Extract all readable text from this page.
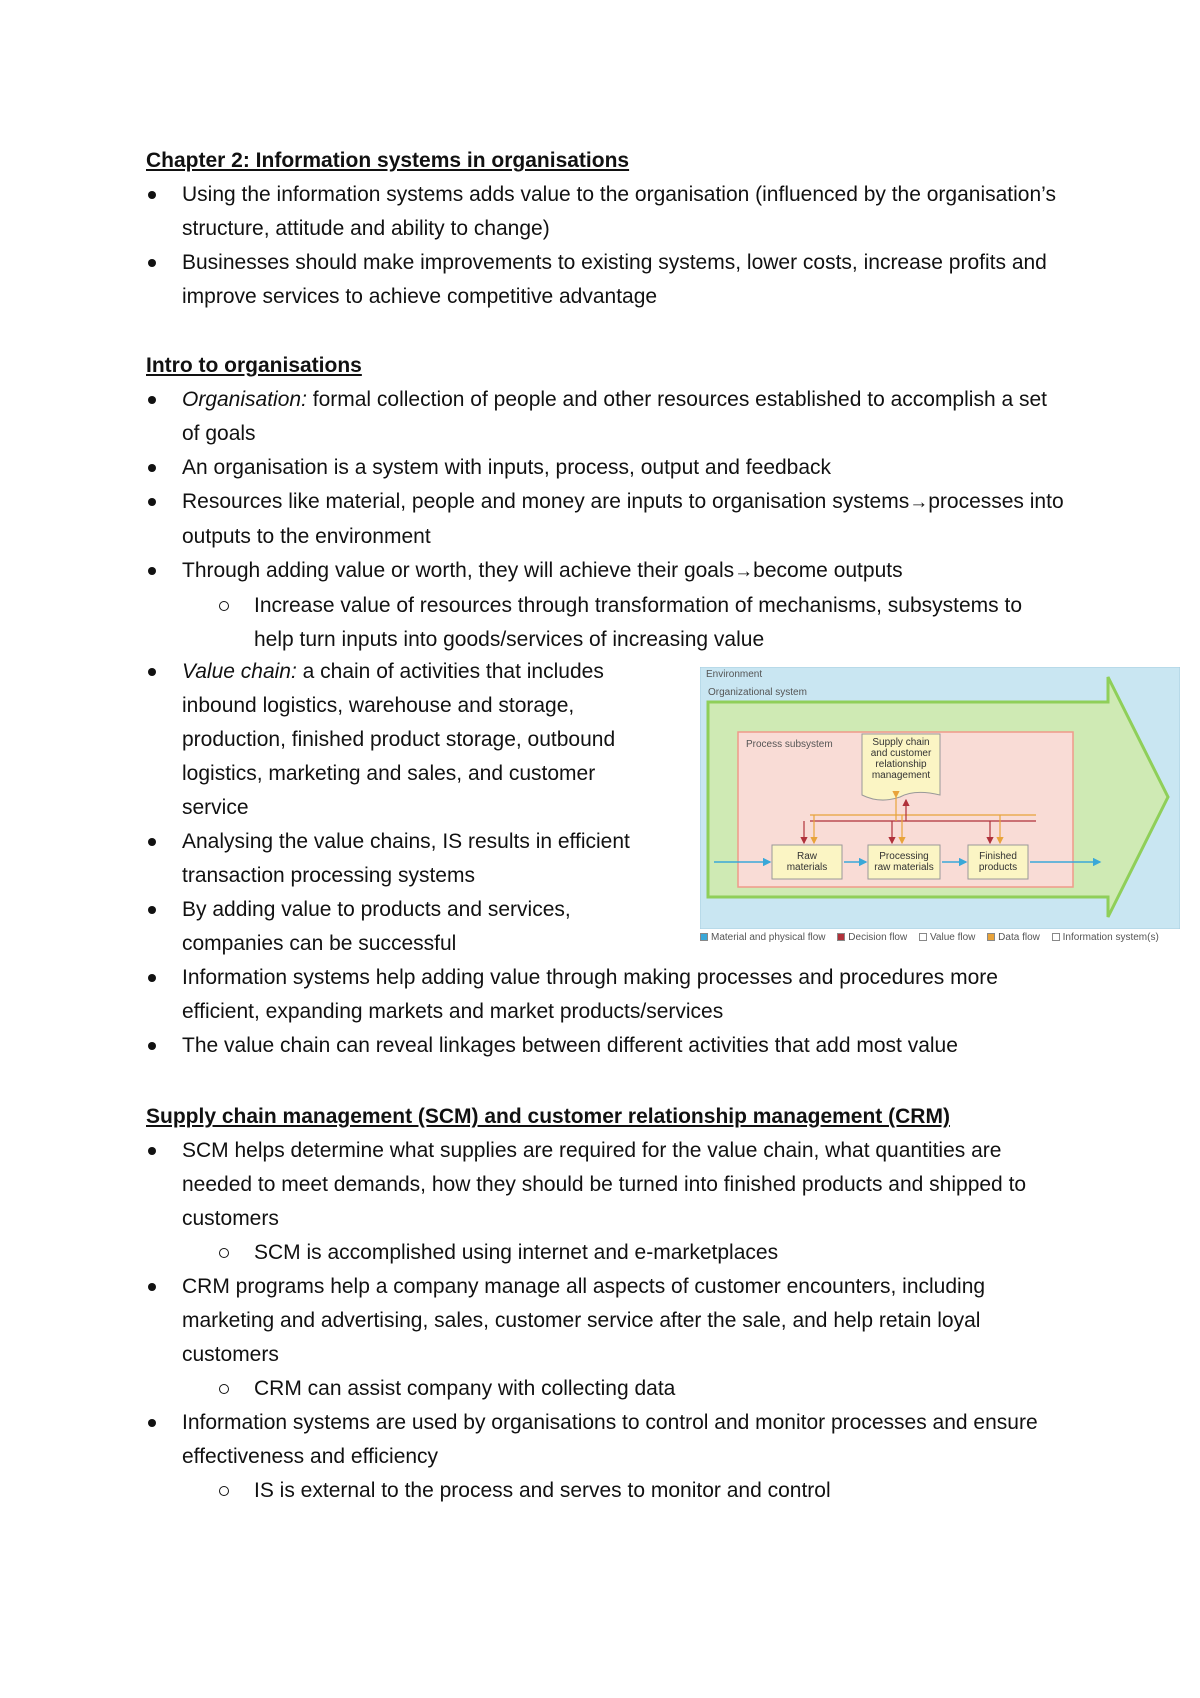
Chapter 2: Information systems in organisations
Using the information systems adds value to the organisation (influenced by the organisation’s structure, attitude and ability to change)
Businesses should make improvements to existing systems, lower costs, increase profits and improve services to achieve competitive advantage
Intro to organisations
Organisation: formal collection of people and other resources established to accomplish a set of goals
An organisation is a system with inputs, process, output and feedback
Resources like material, people and money are inputs to organisation systems→processes into outputs to the environment
Through adding value or worth, they will achieve their goals→become outputs
Increase value of resources through transformation of mechanisms, subsystems to help turn inputs into goods/services of increasing value
Value chain: a chain of activities that includes inbound logistics, warehouse and storage, production, finished product storage, outbound logistics, marketing and sales, and customer service
Analysing the value chains, IS results in efficient transaction processing systems
By adding value to products and services, companies can be successful
Information systems help adding value through making processes and procedures more efficient, expanding markets and market products/services
The value chain can reveal linkages between different activities that add most value
Environment
Organizational system
Process subsystem	Supply chain
and customer
relationship
management
Raw
materials
Processing
raw materials
Finished
products
Material and physical flow Decision flow Value flow Data flow Information system(s)
Supply chain management (SCM) and customer relationship management (CRM)
SCM helps determine what supplies are required for the value chain, what quantities are needed to meet demands, how they should be turned into finished products and shipped to customers
SCM is accomplished using internet and e-marketplaces
CRM programs help a company manage all aspects of customer encounters, including marketing and advertising, sales, customer service after the sale, and help retain loyal customers
CRM can assist company with collecting data
Information systems are used by organisations to control and monitor processes and ensure effectiveness and efficiency
IS is external to the process and serves to monitor and control
